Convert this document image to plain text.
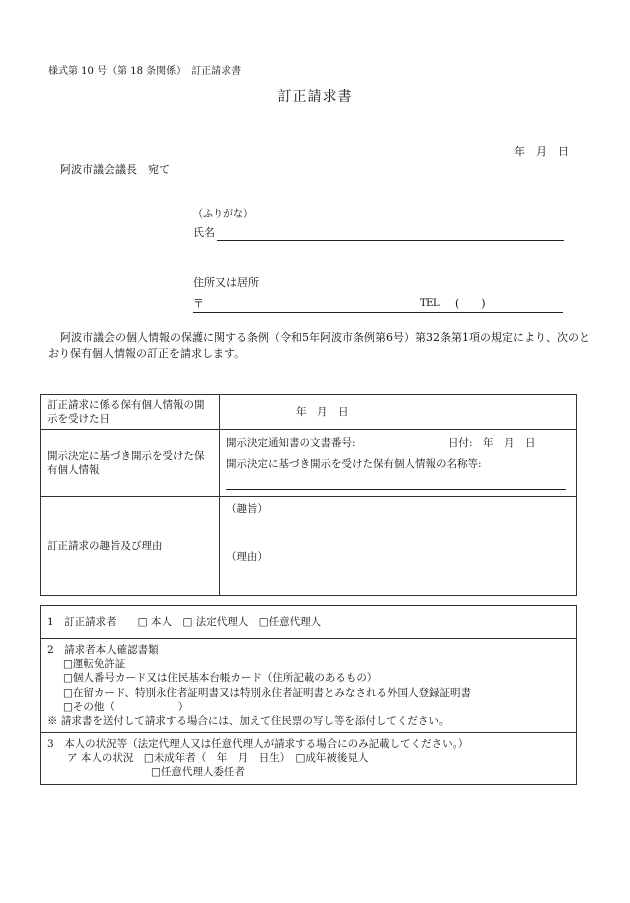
様式第 10 号（第 18 条関係）　訂正請求書
訂正請求書
年　月　日
阿波市議会議長　宛て
（ふりがな）
氏名
住所又は居所
〒	TEL (　　)
阿波市議会の個人情報の保護に関する条例（令和5年阿波市条例第6号）第32条第1項の規定により、次のとおり保有個人情報の訂正を請求します。
訂正請求に係る保有個人情報の開示を受けた日	年　月　日
開示決定に基づき開示を受けた保有個人情報	開示決定通知書の文書番号: 日付:　年　月　日
開示決定に基づき開示を受けた保有個人情報の名称等:

訂正請求の趣旨及び理由	（趣旨）
（理由）
1　訂正請求者　　□ 本人　□ 法定代理人　□任意代理人

2　請求者本人確認書類
□運転免許証
□個人番号カード又は住民基本台帳カード（住所記載のあるもの）
□在留カード、特別永住者証明書又は特別永住者証明書とみなされる外国人登録証明書
□その他（　　　　　　）
※ 請求書を送付して請求する場合には、加えて住民票の写し等を添付してください。

3　本人の状況等（法定代理人又は任意代理人が請求する場合にのみ記載してください。）
ア 本人の状況　□未成年者（　年　月　日生）　□成年被後見人
□任意代理人委任者
